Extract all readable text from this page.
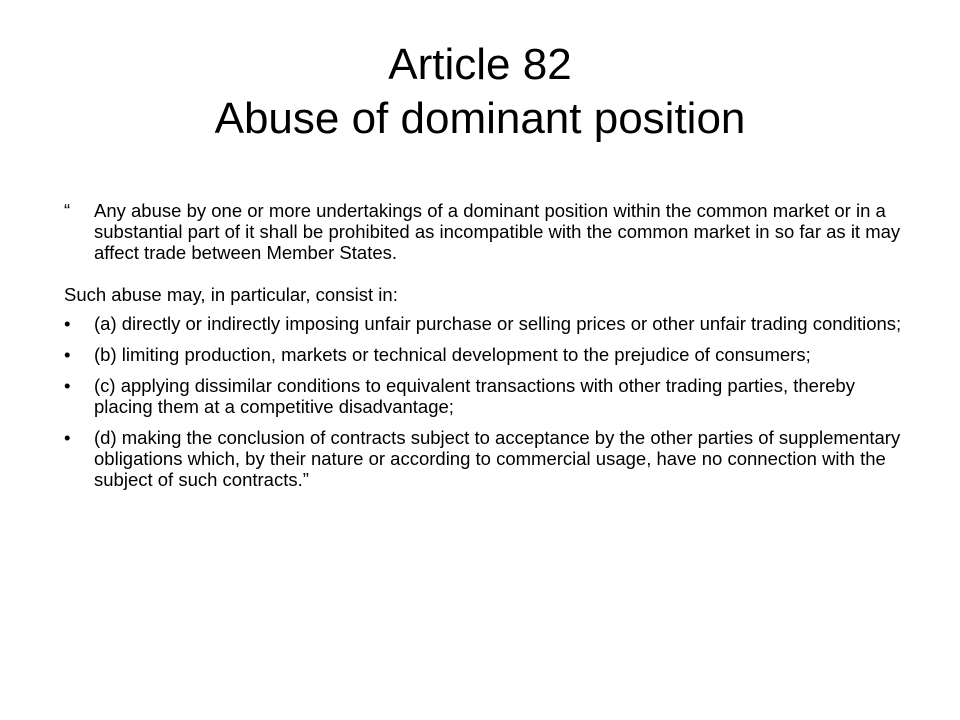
Article 82
Abuse of dominant position

“ Any abuse by one or more undertakings of a dominant position within the common market or in a substantial part of it shall be prohibited as incompatible with the common market in so far as it may affect trade between Member States.

Such abuse may, in particular, consist in:

• (a) directly or indirectly imposing unfair purchase or selling prices or other unfair trading conditions;
• (b) limiting production, markets or technical development to the prejudice of consumers;
• (c) applying dissimilar conditions to equivalent transactions with other trading parties, thereby placing them at a competitive disadvantage;
• (d) making the conclusion of contracts subject to acceptance by the other parties of supplementary obligations which, by their nature or according to commercial usage, have no connection with the subject of such contracts.”
